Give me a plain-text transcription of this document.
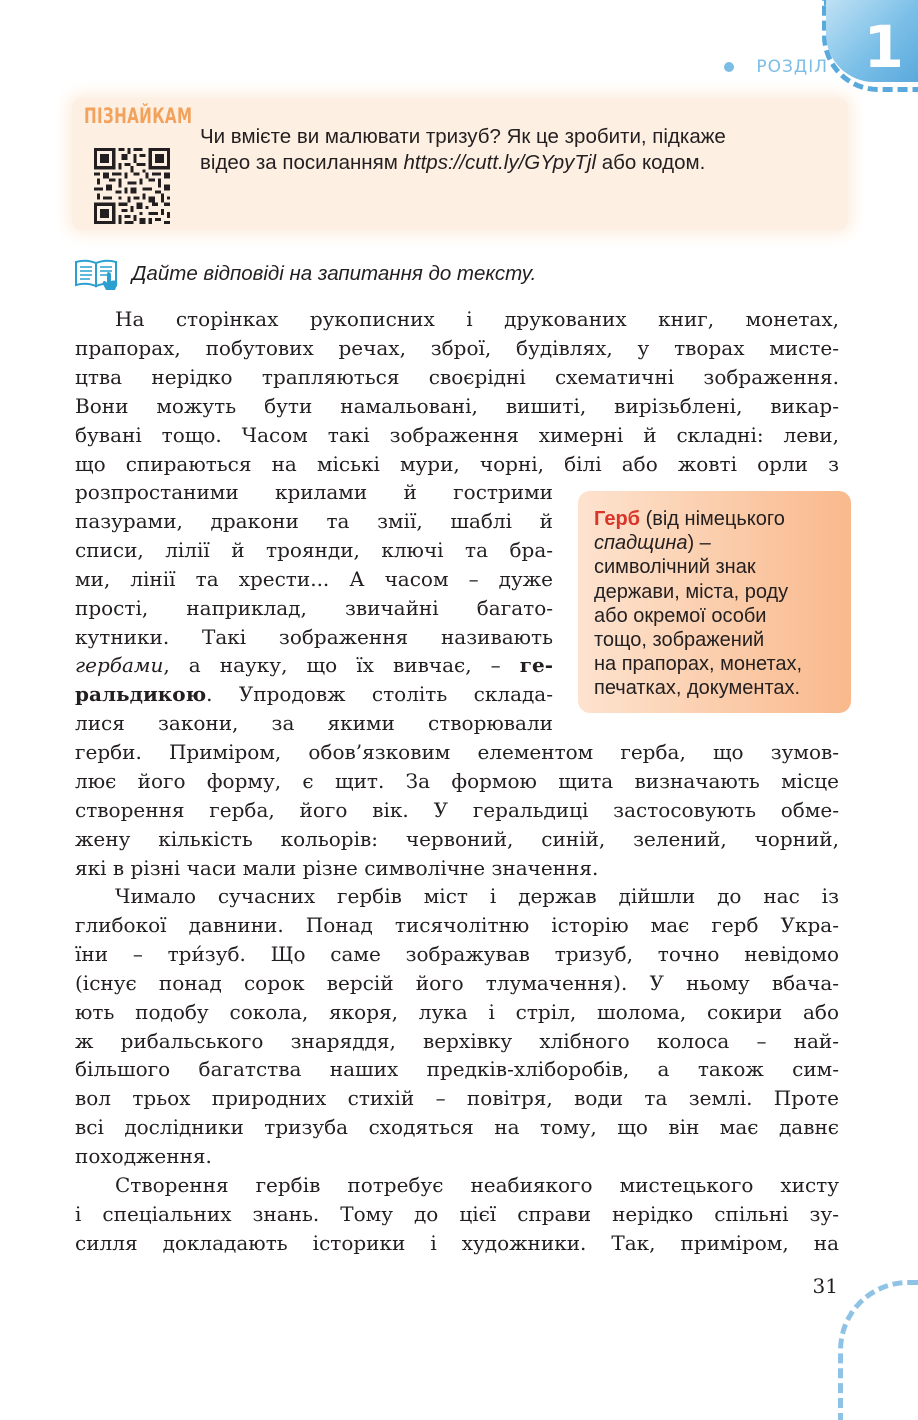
1
РОЗДІЛ
ПІЗНАЙКАМ
Чи вмієте ви малювати тризуб? Як це зробити, підкаже
відео за посиланням https://cutt.ly/GYpyTjl або кодом.
Дайте відповіді на запитання до тексту.
На сторінках рукописних і друкованих книг, монетах,
прапорах, побутових речах, зброї, будівлях, у творах мисте-
цтва нерідко трапляються своєрідні схематичні зображення.
Вони можуть бути намальовані, вишиті, вирізьблені, викар-
бувані тощо. Часом такі зображення химерні й складні: леви,
що спираються на міські мури, чорні, білі або жовті орли з
розпростаними крилами й гострими
пазурами, дракони та змії, шаблі й
списи, лілії й троянди, ключі та бра-
ми, лінії та хрести... А часом – дуже
прості, наприклад, звичайні багато-
кутники. Такі зображення називають
гербами, а науку, що їх вивчає, – ге-
ральдикою. Упродовж століть склада-
лися закони, за якими створювали
герби. Приміром, обов’язковим елементом герба, що зумов-
лює його форму, є щит. За формою щита визначають місце
створення герба, його вік. У геральдиці застосовують обме-
жену кількість кольорів: червоний, синій, зелений, чорний,
які в різні часи мали різне символічне значення.
Чимало сучасних гербів міст і держав дійшли до нас із
глибокої давнини. Понад тисячолітню історію має герб Укра-
їни – три́зуб. Що саме зображував тризуб, точно невідомо
(існує понад сорок версій його тлумачення). У ньому вбача-
ють подобу сокола, якоря, лука і стріл, шолома, сокири або
ж рибальського знаряддя, верхівку хлібного колоса – най-
більшого багатства наших предків-хліборобів, а також сим-
вол трьох природних стихій – повітря, води та землі. Проте
всі дослідники тризуба сходяться на тому, що він має давнє
походження.
Створення гербів потребує неабиякого мистецького хисту
і спеціальних знань. Тому до цієї справи нерідко спільні зу-
силля докладають історики і художники. Так, приміром, на
Герб (від німецького
спадщина) –
символічний знак
держави, міста, роду
або окремої особи
тощо, зображений
на прапорах, монетах,
печатках, документах.
31
